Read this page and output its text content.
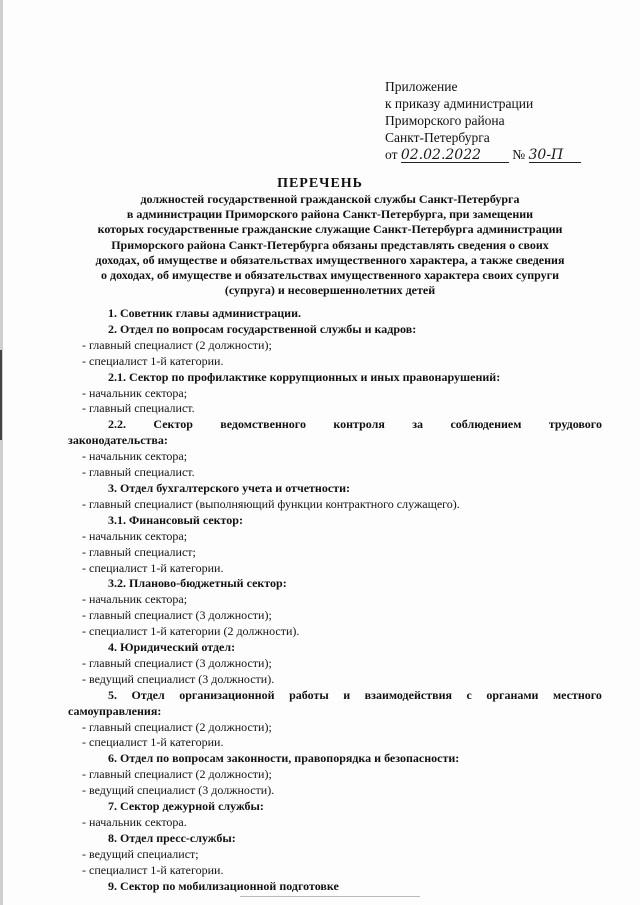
Приложение
к приказу администрации
Приморского района
Санкт-Петербурга
от 02.02.2022 № 30-П
ПЕРЕЧЕНЬ
должностей государственной гражданской службы Санкт-Петербурга
в администрации Приморского района Санкт-Петербурга, при замещении
которых государственные гражданские служащие Санкт-Петербурга администрации
Приморского района Санкт-Петербурга обязаны представлять сведения о своих
доходах, об имуществе и обязательствах имущественного характера, а также сведения
о доходах, об имуществе и обязательствах имущественного характера своих супруги
(супруга) и несовершеннолетних детей
1. Советник главы администрации.
2. Отдел по вопросам государственной службы и кадров:
- главный специалист (2 должности);
- специалист 1-й категории.
2.1. Сектор по профилактике коррупционных и иных правонарушений:
- начальник сектора;
- главный специалист.
2.2. Сектор ведомственного контроля за соблюдением трудового
законодательства:
- начальник сектора;
- главный специалист.
3. Отдел бухгалтерского учета и отчетности:
- главный специалист (выполняющий функции контрактного служащего).
3.1. Финансовый сектор:
- начальник сектора;
- главный специалист;
- специалист 1-й категории.
3.2. Планово-бюджетный сектор:
- начальник сектора;
- главный специалист (3 должности);
- специалист 1-й категории (2 должности).
4. Юридический отдел:
- главный специалист (3 должности);
- ведущий специалист (3 должности).
5. Отдел организационной работы и взаимодействия с органами местного
самоуправления:
- главный специалист (2 должности);
- специалист 1-й категории.
6. Отдел по вопросам законности, правопорядка и безопасности:
- главный специалист (2 должности);
- ведущий специалист (3 должности).
7. Сектор дежурной службы:
- начальник сектора.
8. Отдел пресс-службы:
- ведущий специалист;
- специалист 1-й категории.
9. Сектор по мобилизационной подготовке
